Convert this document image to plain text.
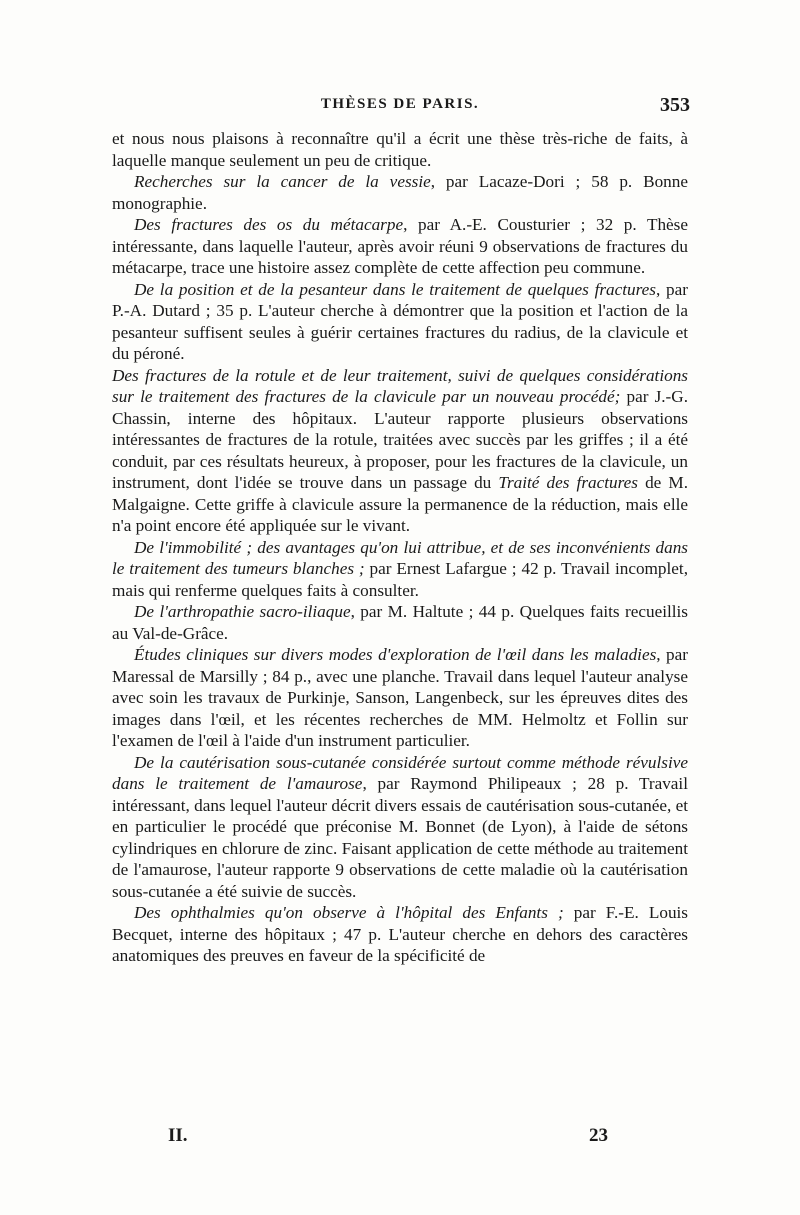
THÈSES DE PARIS.	353

et nous nous plaisons à reconnaître qu'il a écrit une thèse très-riche de faits, à laquelle manque seulement un peu de critique.

Recherches sur la cancer de la vessie, par Lacaze-Dori ; 58 p. Bonne monographie.

Des fractures des os du métacarpe, par A.-E. Cousturier ; 32 p. Thèse intéressante, dans laquelle l'auteur, après avoir réuni 9 observations de fractures du métacarpe, trace une histoire assez complète de cette affection peu commune.

De la position et de la pesanteur dans le traitement de quelques fractures, par P.-A. Dutard ; 35 p. L'auteur cherche à démontrer que la position et l'action de la pesanteur suffisent seules à guérir certaines fractures du radius, de la clavicule et du péroné.

Des fractures de la rotule et de leur traitement, suivi de quelques considérations sur le traitement des fractures de la clavicule par un nouveau procédé; par J.-G. Chassin, interne des hôpitaux. L'auteur rapporte plusieurs observations intéressantes de fractures de la rotule, traitées avec succès par les griffes ; il a été conduit, par ces résultats heureux, à proposer, pour les fractures de la clavicule, un instrument, dont l'idée se trouve dans un passage du Traité des fractures de M. Malgaigne. Cette griffe à clavicule assure la permanence de la réduction, mais elle n'a point encore été appliquée sur le vivant.

De l'immobilité ; des avantages qu'on lui attribue, et de ses inconvénients dans le traitement des tumeurs blanches ; par Ernest Lafargue ; 42 p. Travail incomplet, mais qui renferme quelques faits à consulter.

De l'arthropathie sacro-iliaque, par M. Haltute ; 44 p. Quelques faits recueillis au Val-de-Grâce.

Études cliniques sur divers modes d'exploration de l'œil dans les maladies, par Maressal de Marsilly ; 84 p., avec une planche. Travail dans lequel l'auteur analyse avec soin les travaux de Purkinje, Sanson, Langenbeck, sur les épreuves dites des images dans l'œil, et les récentes recherches de MM. Helmoltz et Follin sur l'examen de l'œil à l'aide d'un instrument particulier.

De la cautérisation sous-cutanée considérée surtout comme méthode révulsive dans le traitement de l'amaurose, par Raymond Philipeaux ; 28 p. Travail intéressant, dans lequel l'auteur décrit divers essais de cautérisation sous-cutanée, et en particulier le procédé que préconise M. Bonnet (de Lyon), à l'aide de sétons cylindriques en chlorure de zinc. Faisant application de cette méthode au traitement de l'amaurose, l'auteur rapporte 9 observations de cette maladie où la cautérisation sous-cutanée a été suivie de succès.

Des ophthalmies qu'on observe à l'hôpital des Enfants ; par F.-E. Louis Becquet, interne des hôpitaux ; 47 p. L'auteur cherche en dehors des caractères anatomiques des preuves en faveur de la spécificité de

II.	23
